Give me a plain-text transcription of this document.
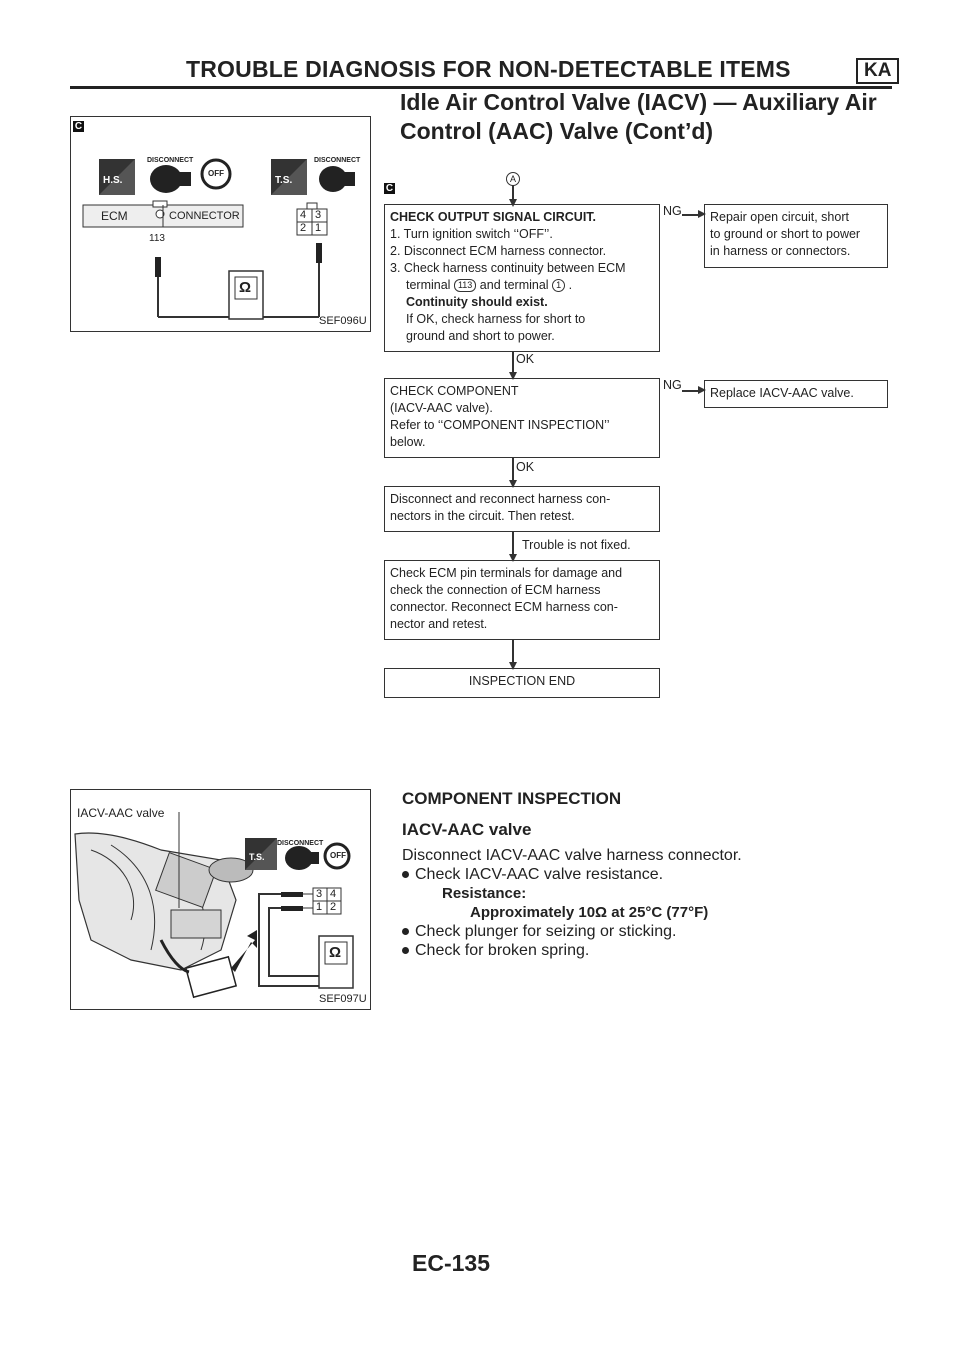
TROUBLE DIAGNOSIS FOR NON-DETECTABLE ITEMS	KA
Idle Air Control Valve (IACV) — Auxiliary Air
Control (AAC) Valve (Cont’d)
C
H.S.	T.S.
DISCONNECT	DISCONNECT
OFF
ECM	CONNECTOR
113
4 3
2 1
Ω
SEF096U
C
A
CHECK OUTPUT SIGNAL CIRCUIT.
1. Turn ignition switch ‘‘OFF’’.
2. Disconnect ECM harness connector.
3. Check harness continuity between ECM
terminal 113 and terminal 1 .
Continuity should exist.
If OK, check harness for short to
ground and short to power.
NG Repair open circuit, short
to ground or short to power
in harness or connectors.
OK
CHECK COMPONENT
(IACV-AAC valve).
Refer to ‘‘COMPONENT INSPECTION’’
below.
NG
Replace IACV-AAC valve.
OK
Disconnect and reconnect harness con-
nectors in the circuit. Then retest.
Trouble is not fixed.
Check ECM pin terminals for damage and
check the connection of ECM harness
connector. Reconnect ECM harness con-
nector and retest.
INSPECTION END
IACV-AAC valve
T.S.
DISCONNECT
OFF
3 4
1 2
Ω
SEF097U
COMPONENT INSPECTION
IACV-AAC valve
Disconnect IACV-AAC valve harness connector.
Check IACV-AAC valve resistance.
Resistance:
Approximately 10Ω at 25°C (77°F)
Check plunger for seizing or sticking.
Check for broken spring.
EC-135
